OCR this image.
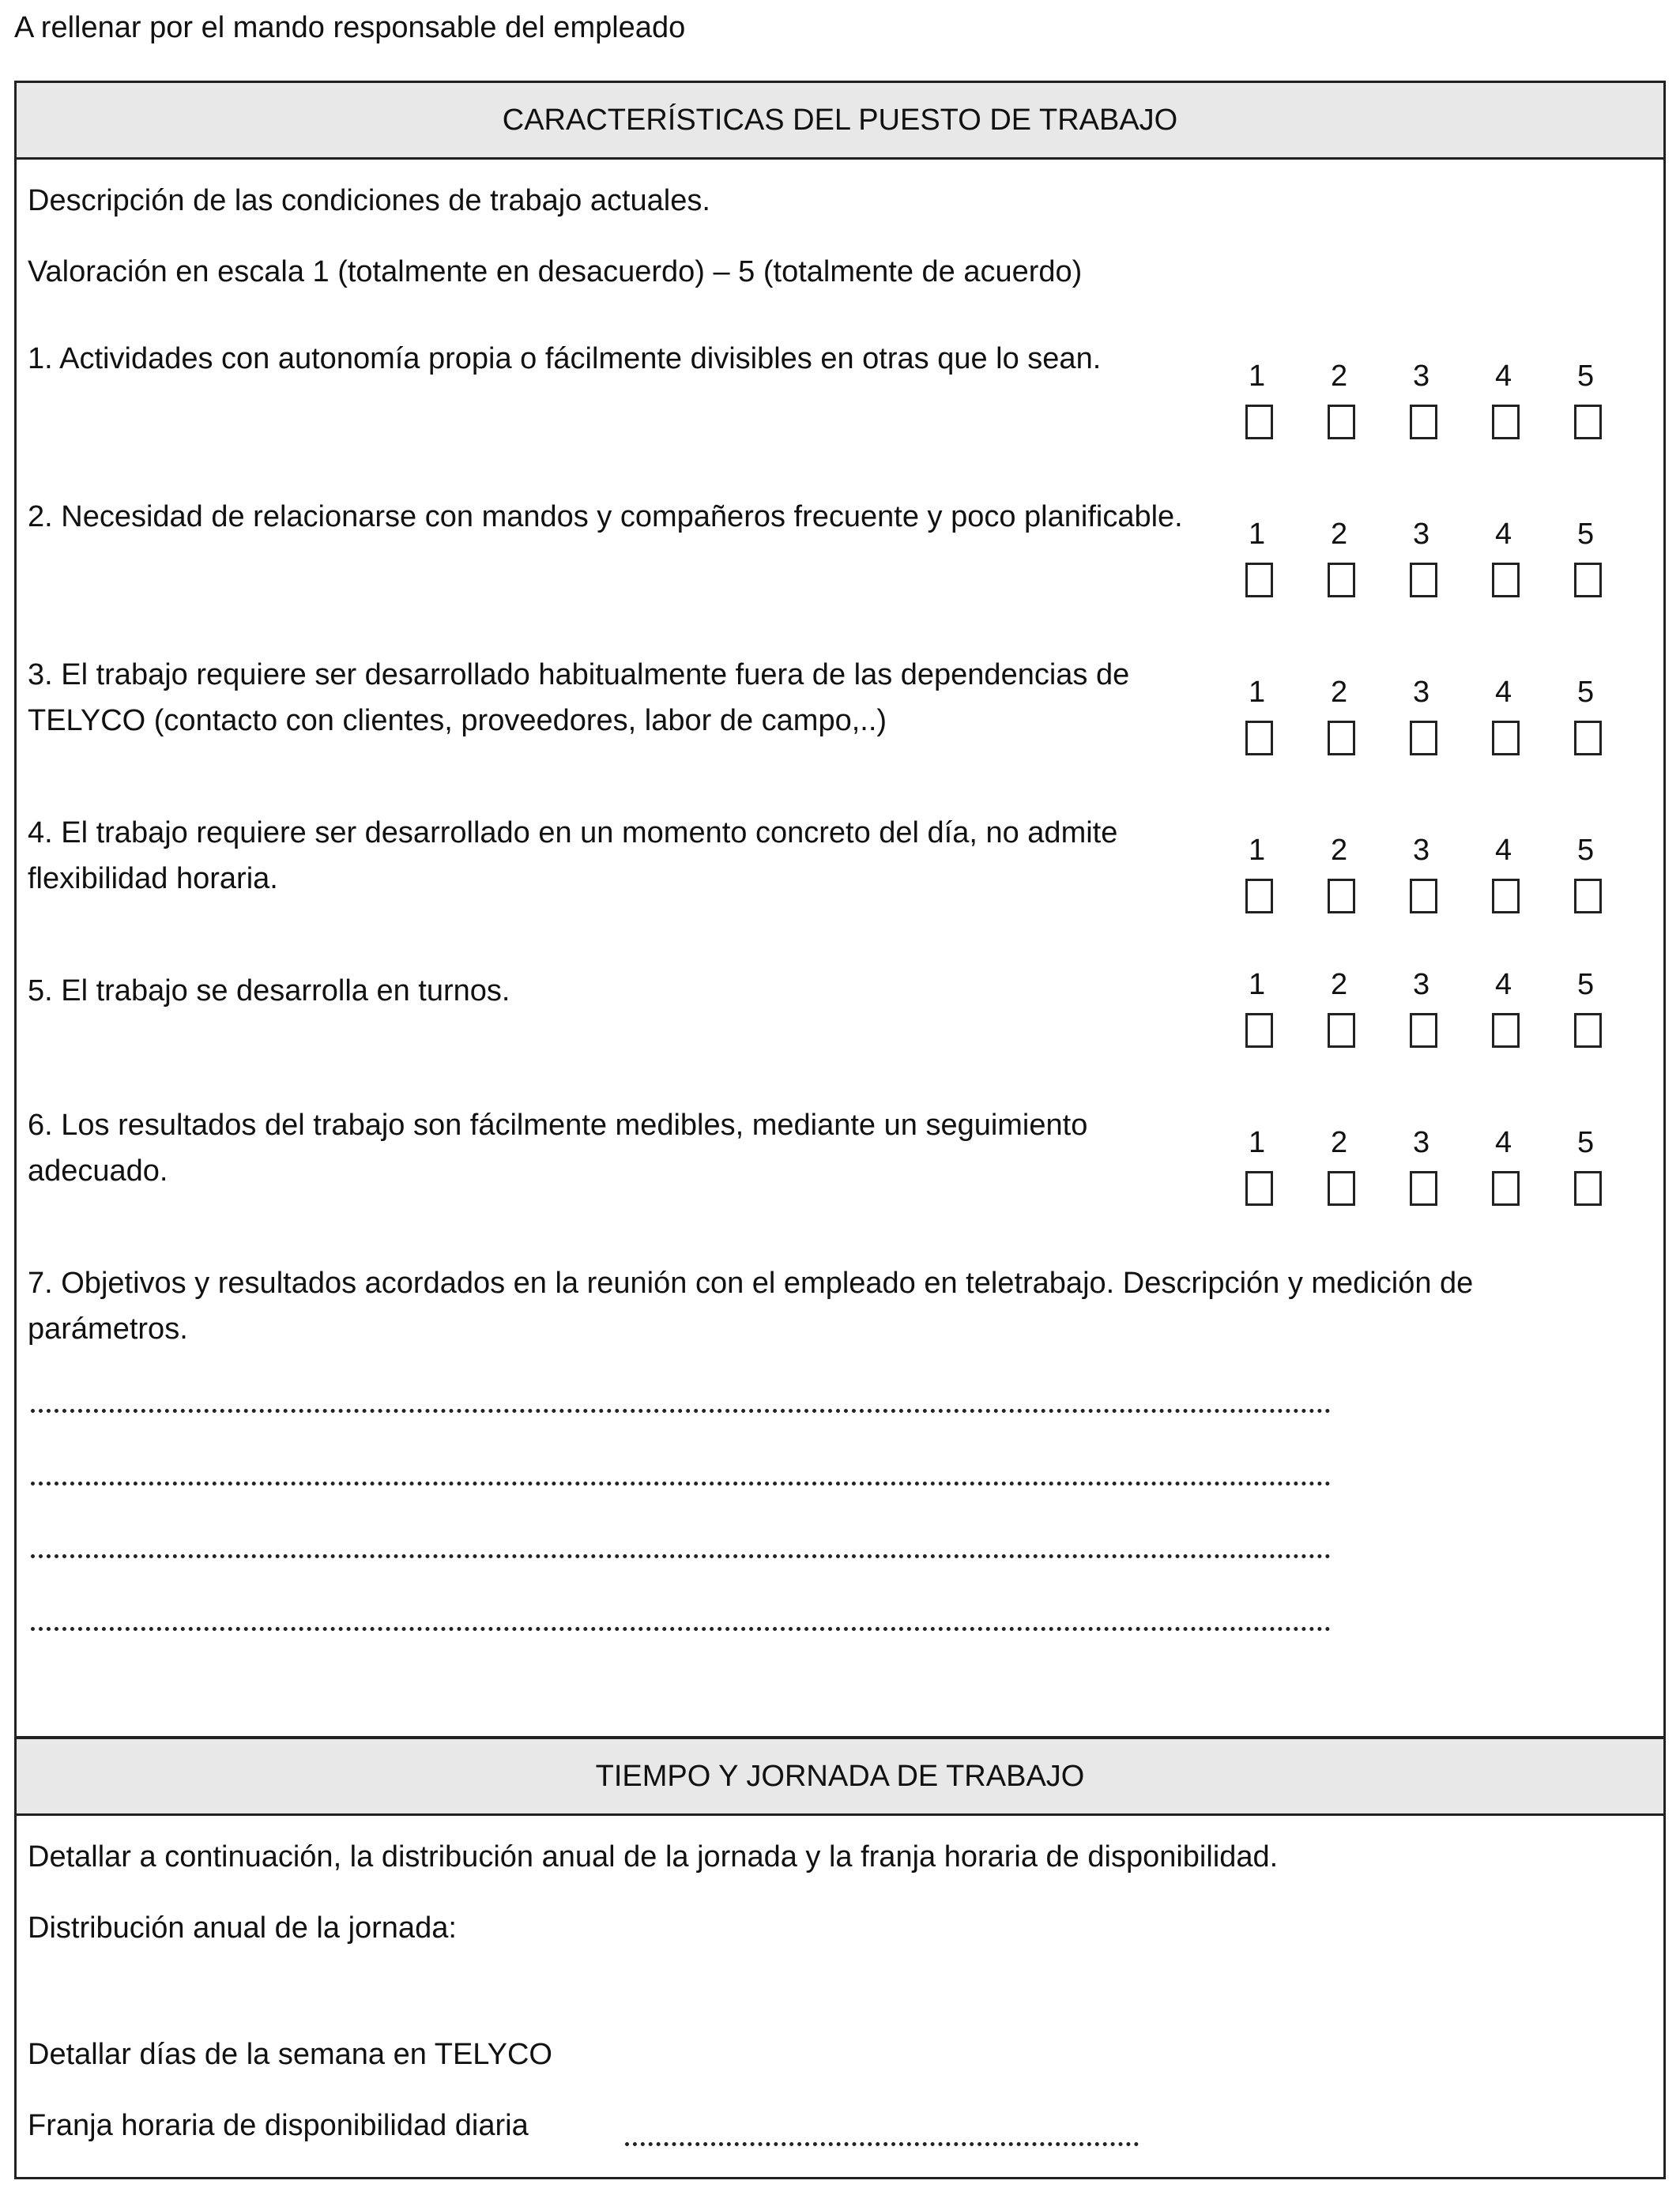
A rellenar por el mando responsable del empleado
CARACTERÍSTICAS DEL PUESTO DE TRABAJO
Descripción de las condiciones de trabajo actuales.
Valoración en escala 1 (totalmente en desacuerdo) – 5 (totalmente de acuerdo)
1. Actividades con autonomía propia o fácilmente divisibles en otras que lo sean.
1	2	3	4	5
2. Necesidad de relacionarse con mandos y compañeros frecuente y poco planificable.
1	2	3	4	5
3. El trabajo requiere ser desarrollado habitualmente fuera de las dependencias de TELYCO (contacto con clientes, proveedores, labor de campo,..)
1	2	3	4	5
4. El trabajo requiere ser desarrollado en un momento concreto del día, no admite flexibilidad horaria.
1	2	3	4	5
5. El trabajo se desarrolla en turnos.	1	2	3	4	5
6. Los resultados del trabajo son fácilmente medibles, mediante un seguimiento adecuado.
1	2	3	4	5
7. Objetivos y resultados acordados en la reunión con el empleado en teletrabajo. Descripción y medición de parámetros.
TIEMPO Y JORNADA DE TRABAJO
Detallar a continuación, la distribución anual de la jornada y la franja horaria de disponibilidad.
Distribución anual de la jornada:
Detallar días de la semana en TELYCO
Franja horaria de disponibilidad diaria
